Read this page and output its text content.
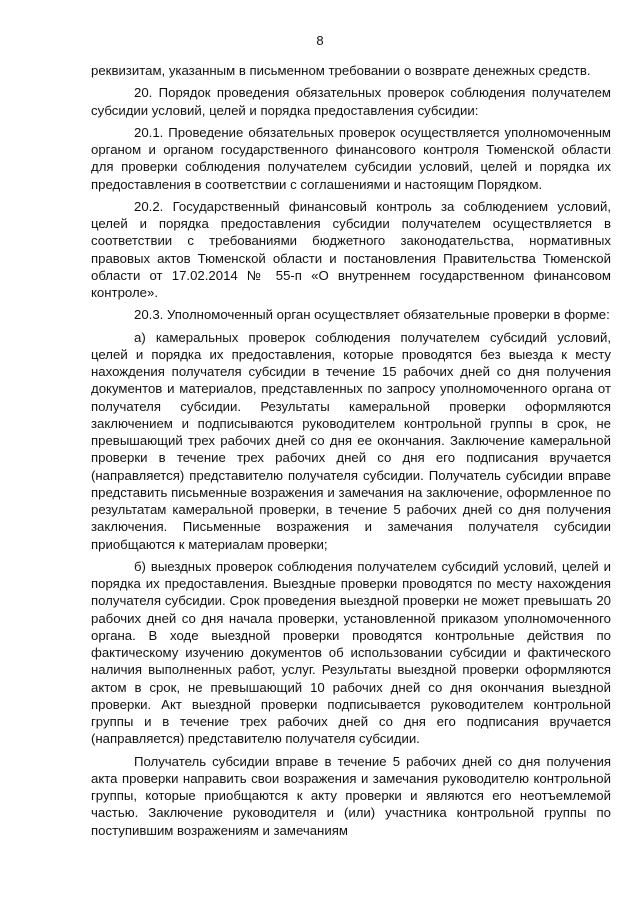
8

реквизитам, указанным в письменном требовании о возврате денежных средств.

20. Порядок проведения обязательных проверок соблюдения получателем субсидии условий, целей и порядка предоставления субсидии:

20.1. Проведение обязательных проверок осуществляется уполномоченным органом и органом государственного финансового контроля Тюменской области для проверки соблюдения получателем субсидии условий, целей и порядка их предоставления в соответствии с соглашениями и настоящим Порядком.

20.2. Государственный финансовый контроль за соблюдением условий, целей и порядка предоставления субсидии получателем осуществляется в соответствии с требованиями бюджетного законодательства, нормативных правовых актов Тюменской области и постановления Правительства Тюменской области от 17.02.2014 № 55-п «О внутреннем государственном финансовом контроле».

20.3. Уполномоченный орган осуществляет обязательные проверки в форме:

а) камеральных проверок соблюдения получателем субсидий условий, целей и порядка их предоставления, которые проводятся без выезда к месту нахождения получателя субсидии в течение 15 рабочих дней со дня получения документов и материалов, представленных по запросу уполномоченного органа от получателя субсидии. Результаты камеральной проверки оформляются заключением и подписываются руководителем контрольной группы в срок, не превышающий трех рабочих дней со дня ее окончания. Заключение камеральной проверки в течение трех рабочих дней со дня его подписания вручается (направляется) представителю получателя субсидии. Получатель субсидии вправе представить письменные возражения и замечания на заключение, оформленное по результатам камеральной проверки, в течение 5 рабочих дней со дня получения заключения. Письменные возражения и замечания получателя субсидии приобщаются к материалам проверки;

б) выездных проверок соблюдения получателем субсидий условий, целей и порядка их предоставления. Выездные проверки проводятся по месту нахождения получателя субсидии. Срок проведения выездной проверки не может превышать 20 рабочих дней со дня начала проверки, установленной приказом уполномоченного органа. В ходе выездной проверки проводятся контрольные действия по фактическому изучению документов об использовании субсидии и фактического наличия выполненных работ, услуг. Результаты выездной проверки оформляются актом в срок, не превышающий 10 рабочих дней со дня окончания выездной проверки. Акт выездной проверки подписывается руководителем контрольной группы и в течение трех рабочих дней со дня его подписания вручается (направляется) представителю получателя субсидии.

Получатель субсидии вправе в течение 5 рабочих дней со дня получения акта проверки направить свои возражения и замечания руководителю контрольной группы, которые приобщаются к акту проверки и являются его неотъемлемой частью. Заключение руководителя и (или) участника контрольной группы по поступившим возражениям и замечаниям
